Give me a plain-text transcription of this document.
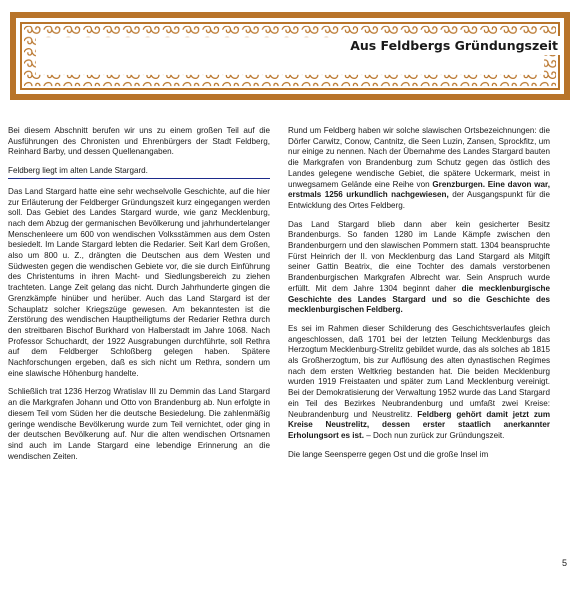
Aus Feldbergs Gründungszeit

Bei diesem Abschnitt berufen wir uns zu einem großen Teil auf die Ausführungen des Chronisten und Ehrenbürgers der Stadt Feldberg, Reinhard Barby, und dessen Quellenangaben.

Feldberg liegt im alten Lande Stargard.

Das Land Stargard hatte eine sehr wechselvolle Geschichte, auf die hier zur Erläuterung der Feldberger Gründungszeit kurz eingegangen werden soll. Das Gebiet des Landes Stargard wurde, wie ganz Mecklenburg, nach dem Abzug der germanischen Bevölkerung und jahrhundertelanger Menschenleere um 600 von wendischen Volksstämmen aus dem Osten besiedelt. Im Lande Stargard lebten die Redarier. Seit Karl dem Großen, also um 800 u. Z., drängten die Deutschen aus dem Westen und Südwesten gegen die wendischen Gebiete vor, die sie durch Einführung des Christentums in ihren Macht- und Siedlungsbereich zu ziehen trachteten. Lange Zeit gelang das nicht. Durch Jahrhunderte gingen die Grenzkämpfe hinüber und herüber. Auch das Land Stargard ist der Schauplatz solcher Kriegszüge gewesen. Am bekanntesten ist die Zerstörung des wendischen Hauptheiligtums der Redarier Rethra durch den streitbaren Bischof Burkhard von Halberstadt im Jahre 1068. Nach Professor Schuchardt, der 1922 Ausgrabungen durchführte, soll Rethra auf dem Feldberger Schloßberg gelegen haben. Spätere Nachforschungen ergeben, daß es sich nicht um Rethra, sondern um eine slawische Höhenburg handelte.

Schließlich trat 1236 Herzog Wratislav III zu Demmin das Land Stargard an die Markgrafen Johann und Otto von Brandenburg ab. Nun erfolgte in diesem Teil vom Süden her die deutsche Besiedelung. Die zahlenmäßig geringe wendische Bevölkerung wurde zum Teil vernichtet, oder ging in der deutschen Bevölkerung auf. Nur die alten wendischen Ortsnamen sind auch im Lande Stargard eine lebendige Erinnerung an die wendischen Zeiten.

Rund um Feldberg haben wir solche slawischen Ortsbezeichnungen: die Dörfer Carwitz, Conow, Cantnitz, die Seen Luzin, Zansen, Sprockfitz, um nur einige zu nennen. Nach der Übernahme des Landes Stargard bauten die Markgrafen von Brandenburg zum Schutz gegen das östlich des Landes gelegene wendische Gebiet, die spätere Uckermark, meist in unwegsamem Gelände eine Reihe von Grenzburgen. Eine davon war, erstmals 1256 urkundlich nachgewiesen, der Ausgangspunkt für die Entwicklung des Ortes Feldberg.

Das Land Stargard blieb dann aber kein gesicherter Besitz Brandenburgs. So fanden 1280 im Lande Kämpfe zwischen den Brandenburgern und den slawischen Pommern statt. 1304 beanspruchte Fürst Heinrich der II. von Mecklenburg das Land Stargard als Mitgift seiner Gattin Beatrix, die eine Tochter des damals verstorbenen Brandenburgischen Markgrafen Albrecht war. Sein Anspruch wurde erfüllt. Mit dem Jahre 1304 beginnt daher die mecklenburgische Geschichte des Landes Stargard und so die Geschichte des mecklenburgischen Feldberg.

Es sei im Rahmen dieser Schilderung des Geschichtsverlaufes gleich angeschlossen, daß 1701 bei der letzten Teilung Mecklenburgs das Herzogtum Mecklenburg-Strelitz gebildet wurde, das als solches ab 1815 als Großherzogtum, bis zur Auflösung des alten dynastischen Regimes nach dem ersten Weltkrieg bestanden hat. Die beiden Mecklenburg wurden 1919 Freistaaten und später zum Land Mecklenburg vereinigt. Bei der Demokratisierung der Verwaltung 1952 wurde das Land Stargard ein Teil des Bezirkes Neubrandenburg und umfaßt zwei Kreise: Neubrandenburg und Neustrelitz. Feldberg gehört damit jetzt zum Kreise Neustrelitz, dessen erster staatlich anerkannter Erholungsort es ist. – Doch nun zurück zur Gründungszeit.

Die lange Seensperre gegen Ost und die große Insel im

5
